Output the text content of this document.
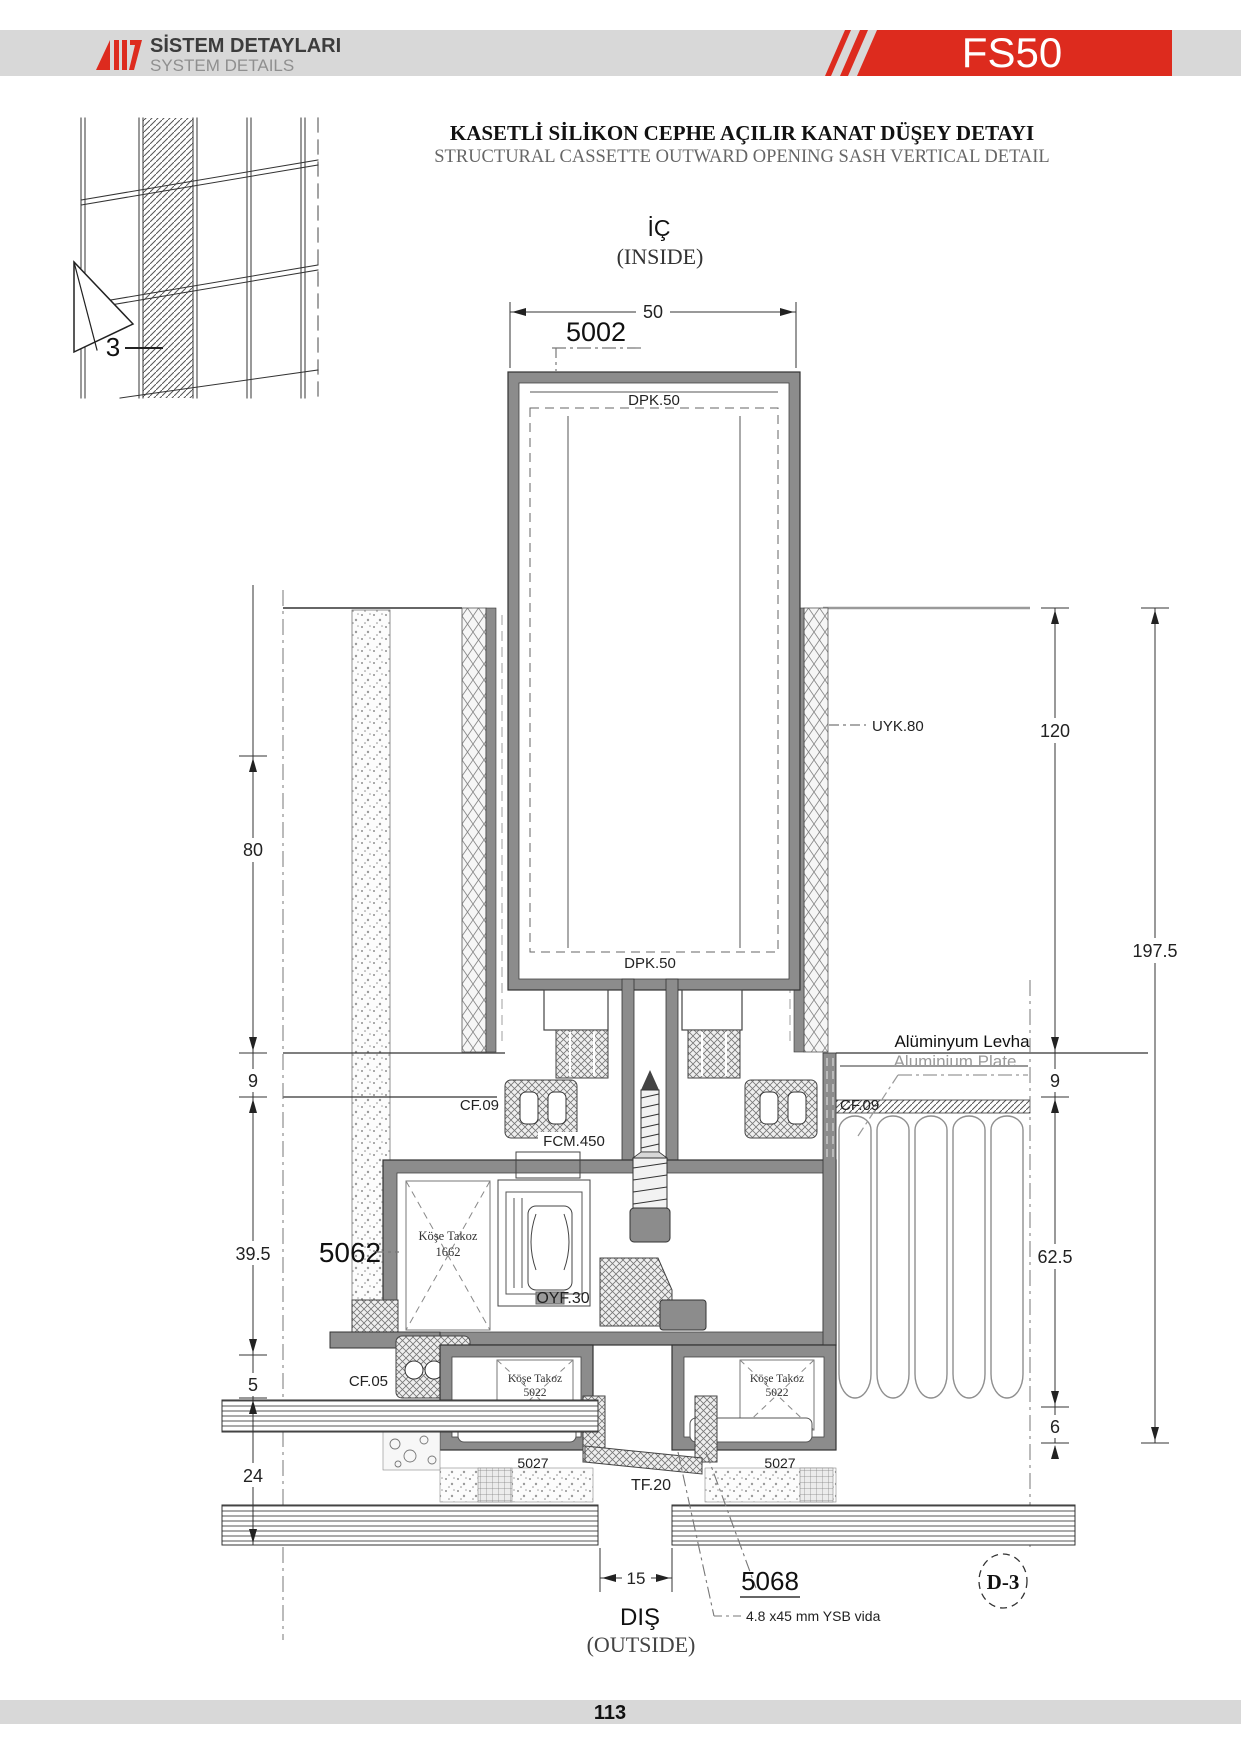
SİSTEM DETAYLARI
SYSTEM DETAILS	FS50
KASETLİ SİLİKON CEPHE AÇILIR KANAT DÜŞEY DETAYI
STRUCTURAL CASSETTE OUTWARD OPENING SASH VERTICAL DETAIL
3
DPK.50
DPK.50
Köşe Takoz
1662
Köşe Takoz
5022
Köşe Takoz
5022
50
80
9
39.5
5
24
120
9
62.5
6
197.5
15
5002
UYK.80
Alüminyum Levha
Aluminium Plate
CF.09	CF.09
FCM.450
5062
OYF.30
CF.05
5027	5027
TF.20
5068
4.8 x45 mm YSB vida
D-3
İÇ
(INSIDE)
DIŞ
(OUTSIDE)
113
